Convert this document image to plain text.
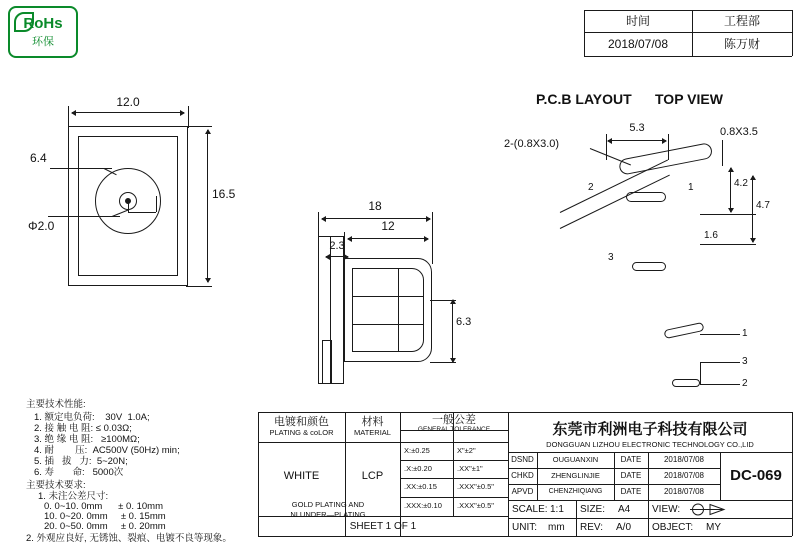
RoHs
环保
时间	工程部
2018/07/08	陈万财
12.0
16.5
6.4
Φ2.0
18
12
2.3
6.3
P.C.B LAYOUT TOP VIEW
2-(0.8X3.0)
5.3	0.8X3.5
2	1
3
4.2
4.7
1.6
1
3
2
主要技术性能:
1. 额定电负荷:    30V  1.0A;
2. 接 触 电 阻: ≤ 0.03Ω;
3. 绝 缘 电 阻:   ≥100MΩ;
4. 耐        压:  AC500V (50Hz) min;
5. 插   拔   力:  5~20N;
6. 寿       命:   5000次
主要技术要求:
1. 未注公差尺寸:
0. 0~10. 0mm      ± 0. 10mm
10. 0~20. 0mm     ± 0. 15mm
20. 0~50. 0mm     ± 0. 20mm
2. 外观应良好, 无锈蚀、裂痕、电镀不良等现象。
电镀和颜色
PLATING & coLOR
材料
MATERIAL
一般公差
GENERAL TOLERANCE
X:±0.25	X"±2"
.X:±0.20	.XX"±1"
.XX:±0.15	.XXX"±0.5"
.XXX:±0.10 .XXX"±0.5"
WHITE	LCP
GOLD PLATING AND
NI UNDER—PLATING
SHEET 1 OF 1
东莞市利洲电子科技有限公司
DONGGUAN LIZHOU ELECTRONIC TECHNOLOGY CO.,LID
DSND	OUGUANXIN	DATE	2018/07/08
CHKD	ZHENGLINJIE	DATE	2018/07/08
APVD	CHENZHIQIANG	DATE	2018/07/08
DC-069
SCALE: 1:1 SIZE: A4 VIEW:
UNIT: mm REV: A/0 OBJECT: MY
